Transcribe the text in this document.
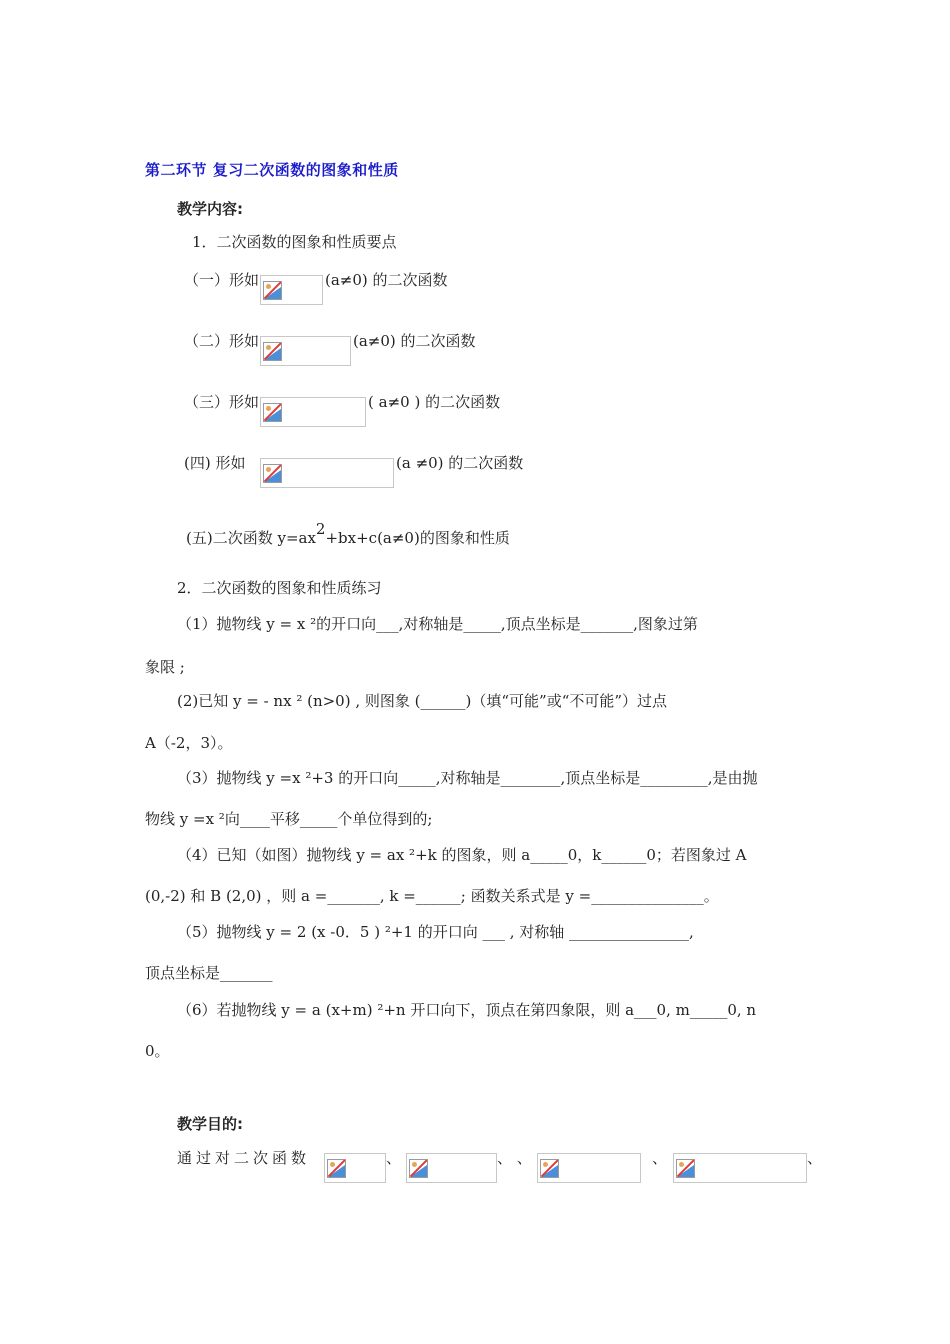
第二环节 复习二次函数的图象和性质
教学内容:
1．二次函数的图象和性质要点
（一）形如	(a≠0) 的二次函数
（二）形如	(a≠0) 的二次函数
（三）形如	( a≠0 ) 的二次函数
(四) 形如	(a ≠0) 的二次函数
(五)二次函数 $y=ax^2+bx+c(a\ne 0)$的图象和性质
2．二次函数的图象和性质练习
（1）抛物线 y = x ²的开口向___,对称轴是_____,顶点坐标是_______,图象过第
象限 ;
(2)已知 y = - nx ² (n>0) , 则图象 (______)（填“可能”或“不可能”）过点
A（-2，3）。
（3）抛物线 y =x ²+3 的开口向_____,对称轴是________,顶点坐标是_________,是由抛
物线 y =x ²向____平移_____个单位得到的;
（4）已知（如图）抛物线 y = ax ²+k 的图象，则 a_____0，k______0；若图象过 A
(0,-2) 和 B (2,0) ，则 a =_______, k =______; 函数关系式是 y =_______________。
（5）抛物线 y = 2 (x -0．5 ) ²+1 的开口向 ___ , 对称轴 ________________,
顶点坐标是_______
（6）若抛物线 y = a (x+m) ²+n 开口向下，顶点在第四象限，则 a___0, m_____0, n
0。
教学目的:
通过对二次函数	、	、 、	、	、
